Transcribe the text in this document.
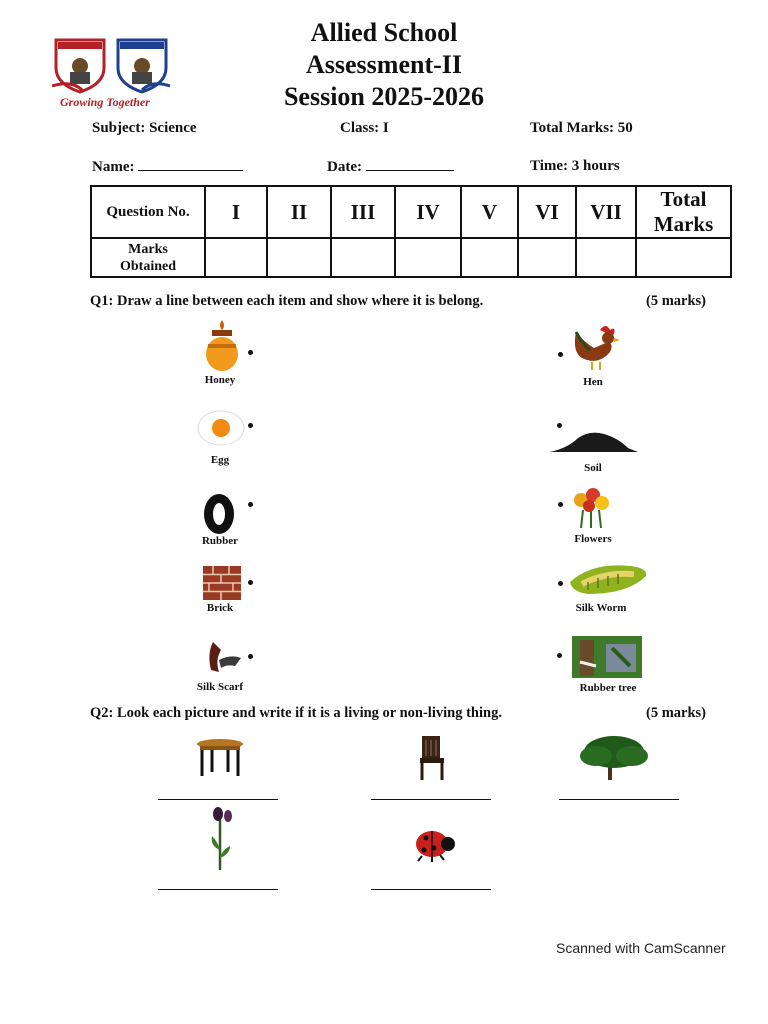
Growing Together
Allied School
Assessment-II
Session 2025-2026
Subject: Science	Class: I	Total Marks: 50
Name:	Date:	Time: 3 hours
Question No.	I	II	III	IV	V	VI	VII	Total Marks
Marks
Obtained								
Q1: Draw a line between each item and show where it is belong.	(5 marks)
Honey
Egg
Rubber
Brick
Silk Scarf
Hen
Soil
Flowers
Silk Worm
Rubber tree
Q2: Look each picture and write if it is a living or non-living thing.	(5 marks)
Scanned with CamScanner
